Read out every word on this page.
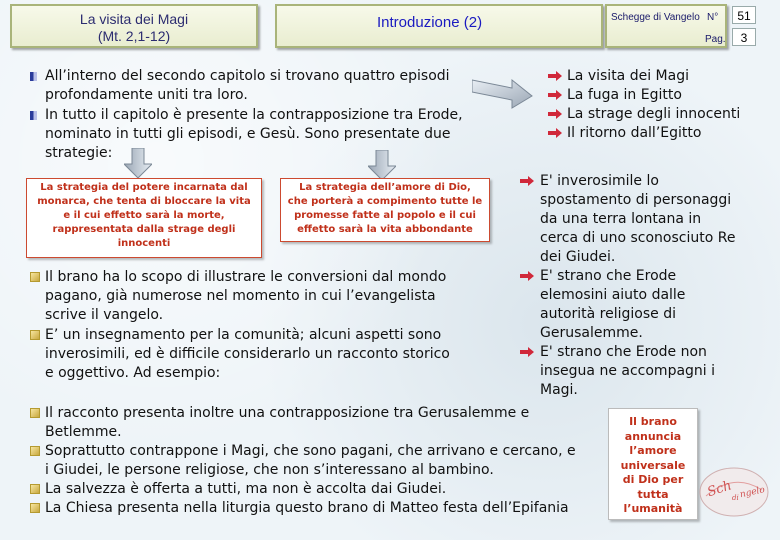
La visita dei Magi
(Mt. 2,1-12)
Introduzione (2)	Schegge di Vangelo N°
Pag.
51
3
All’interno del secondo capitolo si trovano quattro episodi
profondamente uniti tra loro.
In tutto il capitolo è presente la contrapposizione tra Erode,
nominato in tutti gli episodi, e Gesù. Sono presentate due
strategie:
La visita dei Magi
La fuga in Egitto
La strage degli innocenti
Il ritorno dall’Egitto
La strategia del potere incarnata dal
monarca, che tenta di bloccare la vita
e il cui effetto sarà la morte,
rappresentata dalla strage degli
innocenti
La strategia dell’amore di Dio,
che porterà a compimento tutte le
promesse fatte al popolo e il cui
effetto sarà la vita abbondante
E' inverosimile lo
spostamento di personaggi
da una terra lontana in
cerca di uno sconosciuto Re
dei Giudei.
E' strano che Erode
elemosini aiuto dalle
autorità religiose di
Gerusalemme.
E' strano che Erode non
insegua ne accompagni i
Magi.
Il brano ha lo scopo di illustrare le conversioni dal mondo
pagano, già numerose nel momento in cui l’evangelista
scrive il vangelo.
E’ un insegnamento per la comunità; alcuni aspetti sono
inverosimili, ed è difficile considerarlo un racconto storico
e oggettivo. Ad esempio:
Il racconto presenta inoltre una contrapposizione tra Gerusalemme e
Betlemme.
Soprattutto contrappone i Magi, che sono pagani, che arrivano e cercano, e
i Giudei, le persone religiose, che non s’interessano al bambino.
La salvezza è offerta a tutti, ma non è accolta dai Giudei.
La Chiesa presenta nella liturgia questo brano di Matteo festa dell’Epifania
Il brano
annuncia
l’amore
universale
di Dio per
tutta
l’umanità
Sch
di ngelo
